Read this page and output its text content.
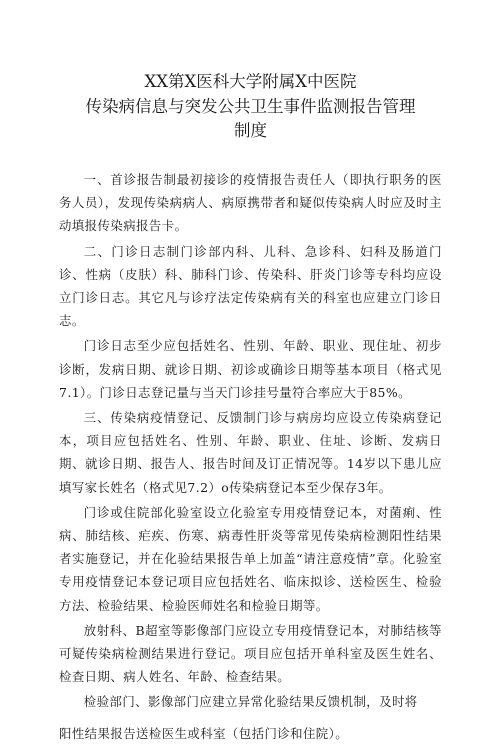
XX第X医科大学附属X中医院
传染病信息与突发公共卫生事件监测报告管理
制度

一、首诊报告制最初接诊的疫情报告责任人（即执行职务的医务人员），发现传染病病人、病原携带者和疑似传染病人时应及时主动填报传染病报告卡。

二、门诊日志制门诊部内科、儿科、急诊科、妇科及肠道门诊、性病（皮肤）科、肺科门诊、传染科、肝炎门诊等专科均应设立门诊日志。其它凡与诊疗法定传染病有关的科室也应建立门诊日志。

门诊日志至少应包括姓名、性别、年龄、职业、现住址、初步诊断，发病日期、就诊日期、初诊或确诊日期等基本项目（格式见7.1）。门诊日志登记量与当天门诊挂号量符合率应大于85%。

三、传染病疫情登记、反馈制门诊与病房均应设立传染病登记本，项目应包括姓名、性别、年龄、职业、住址、诊断、发病日期、就诊日期、报告人、报告时间及订正情况等。14岁以下患儿应填写家长姓名（格式见7.2）o传染病登记本至少保存3年。

门诊或住院部化验室设立化验室专用疫情登记本，对菌痢、性病、肺结核、疟疾、伤寒、病毒性肝炎等常见传染病检测阳性结果者实施登记，并在化验结果报告单上加盖“请注意疫情”章。化验室专用疫情登记本登记项目应包括姓名、临床拟诊、送检医生、检验方法、检验结果、检验医师姓名和检验日期等。

放射科、B超室等影像部门应设立专用疫情登记本，对肺结核等可疑传染病检测结果进行登记。项目应包括开单科室及医生姓名、检查日期、病人姓名、年龄、检查结果。

检验部门、影像部门应建立异常化验结果反馈机制，及时将

阳性结果报告送检医生或科室（包括门诊和住院）。
